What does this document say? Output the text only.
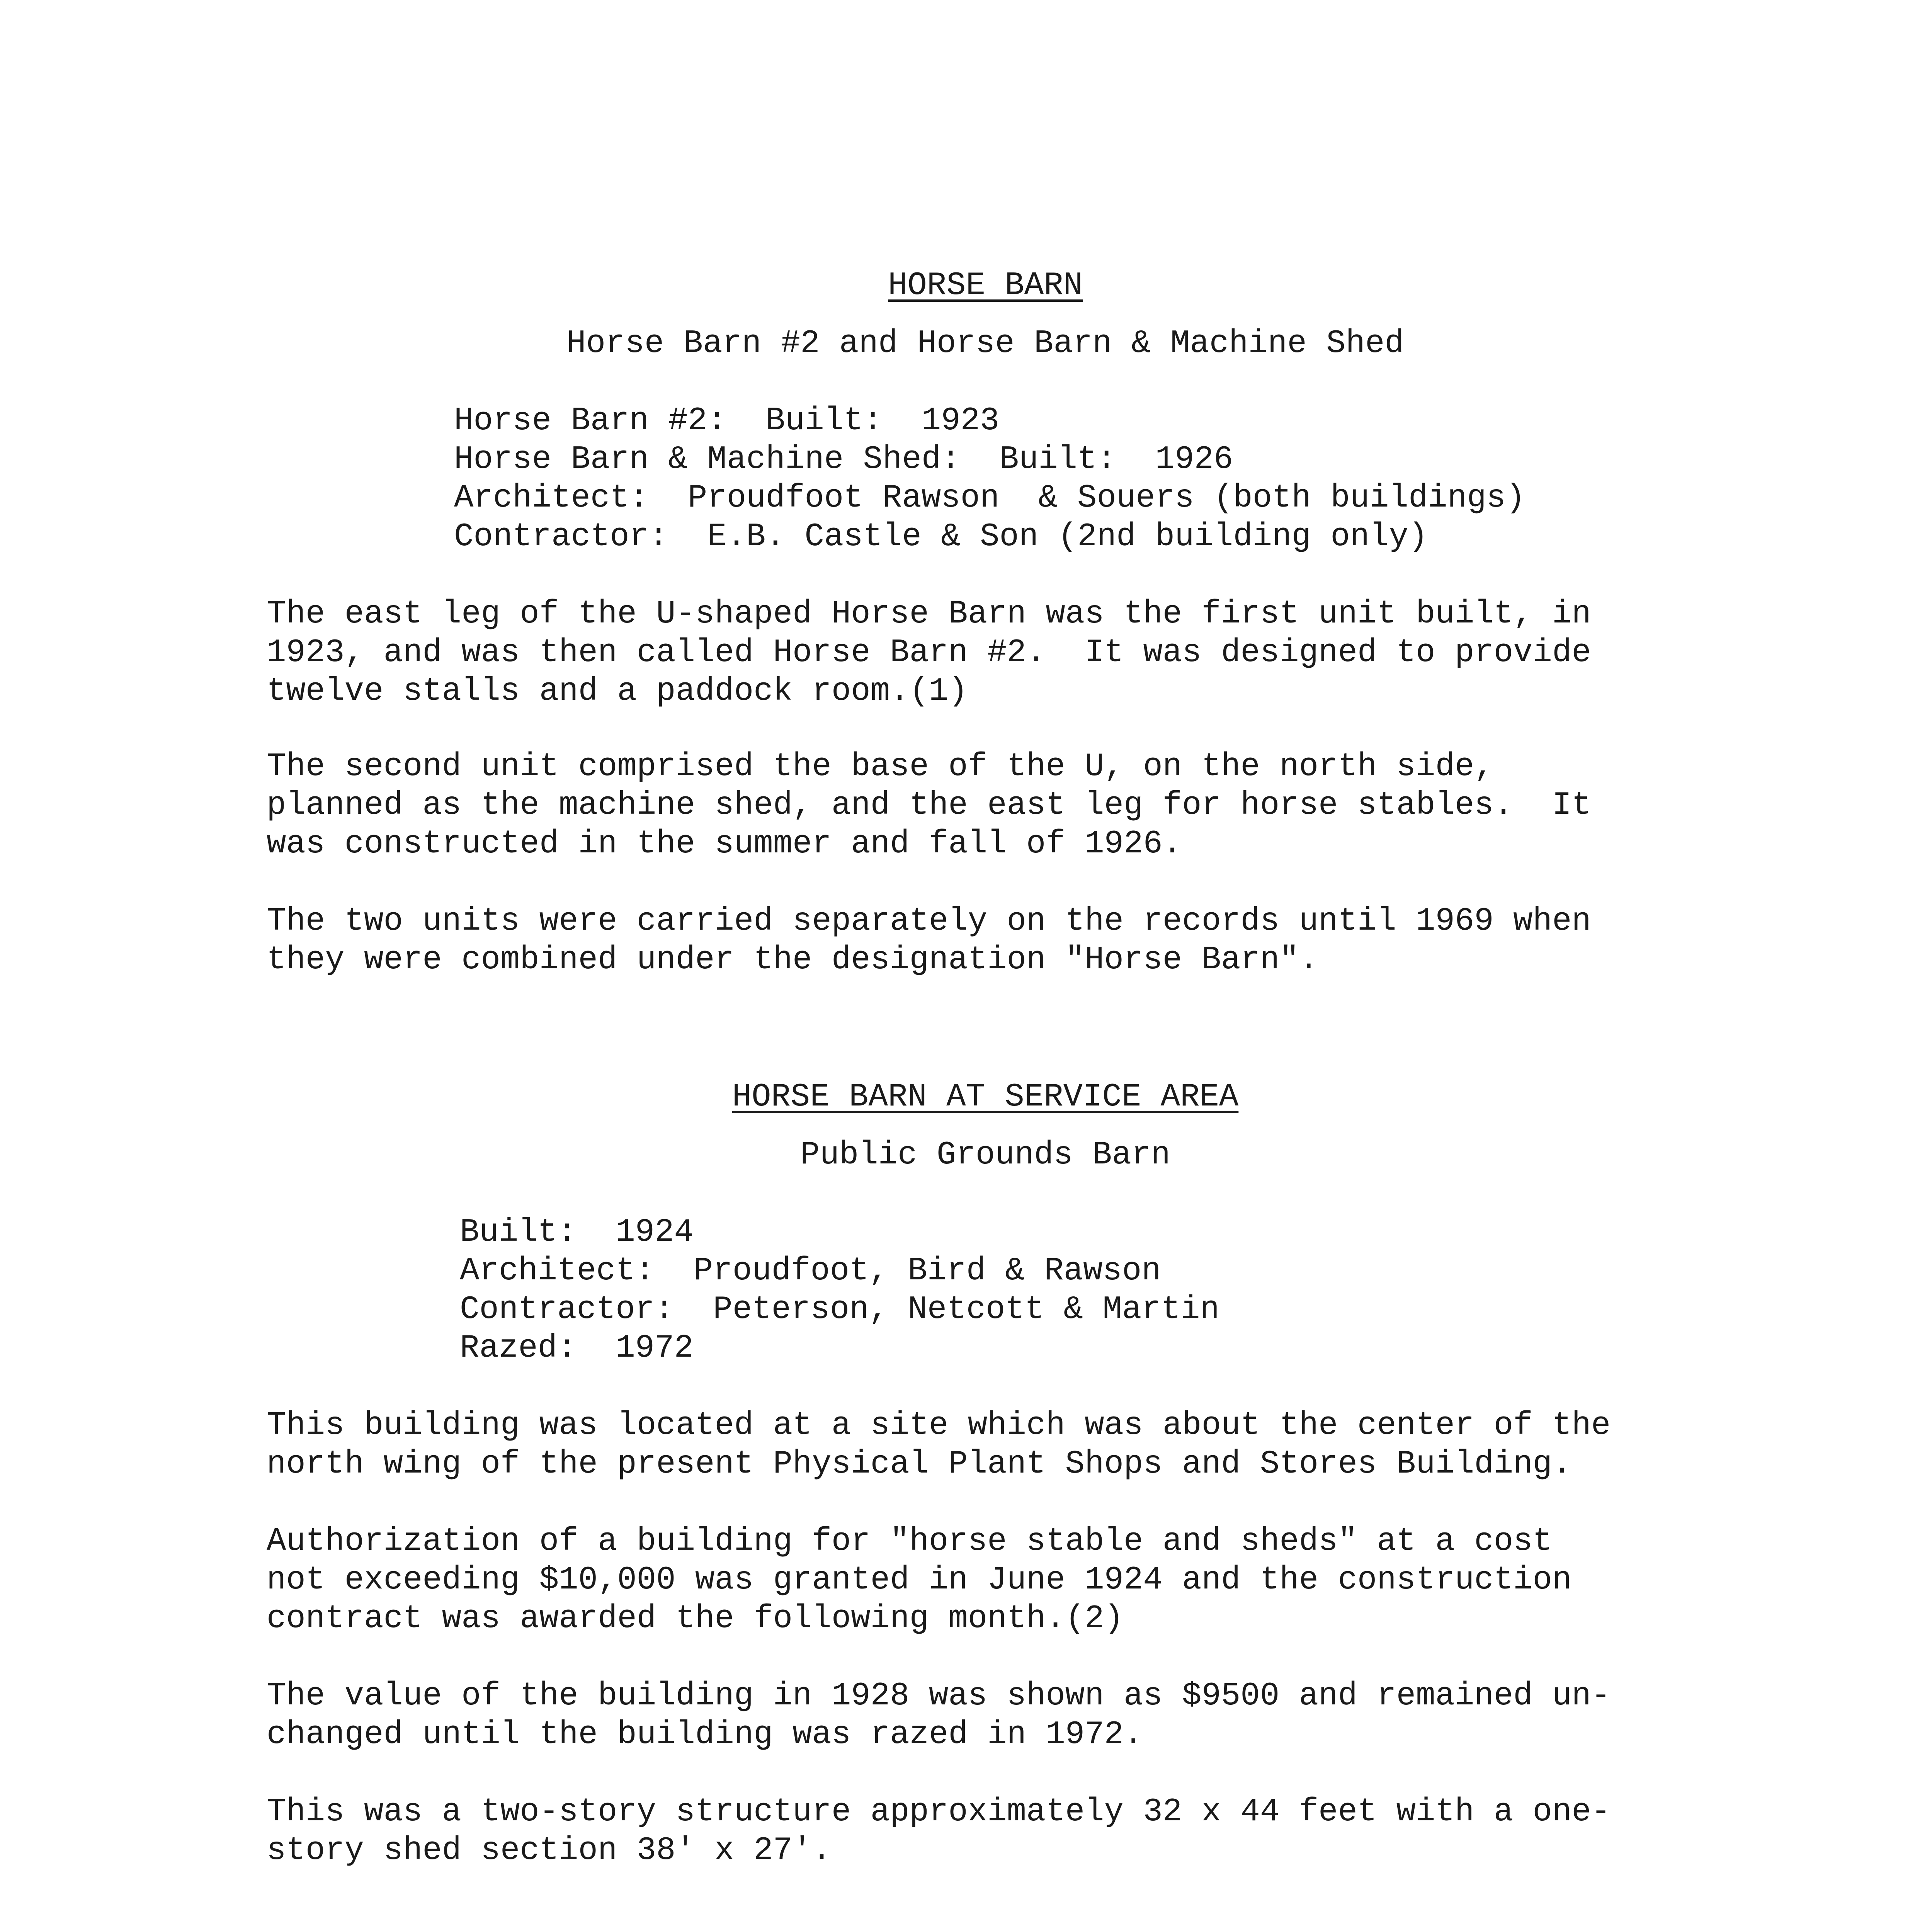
HORSE BARN

Horse Barn #2 and Horse Barn & Machine Shed

Horse Barn #2:  Built:  1923

Horse Barn & Machine Shed:  Built:  1926

Architect:  Proudfoot Rawson  & Souers (both buildings)

Contractor:  E.B. Castle & Son (2nd building only)

The east leg of the U-shaped Horse Barn was the first unit built, in

1923, and was then called Horse Barn #2.  It was designed to provide

twelve stalls and a paddock room.(1)

The second unit comprised the base of the U, on the north side,

planned as the machine shed, and the east leg for horse stables.  It

was constructed in the summer and fall of 1926.

The two units were carried separately on the records until 1969 when

they were combined under the designation "Horse Barn".

HORSE BARN AT SERVICE AREA

Public Grounds Barn

Built:  1924

Architect:  Proudfoot, Bird & Rawson

Contractor:  Peterson, Netcott & Martin

Razed:  1972

This building was located at a site which was about the center of the

north wing of the present Physical Plant Shops and Stores Building.

Authorization of a building for "horse stable and sheds" at a cost

not exceeding $10,000 was granted in June 1924 and the construction

contract was awarded the following month.(2)

The value of the building in 1928 was shown as $9500 and remained un-

changed until the building was razed in 1972.

This was a two-story structure approximately 32 x 44 feet with a one-

story shed section 38' x 27'.
